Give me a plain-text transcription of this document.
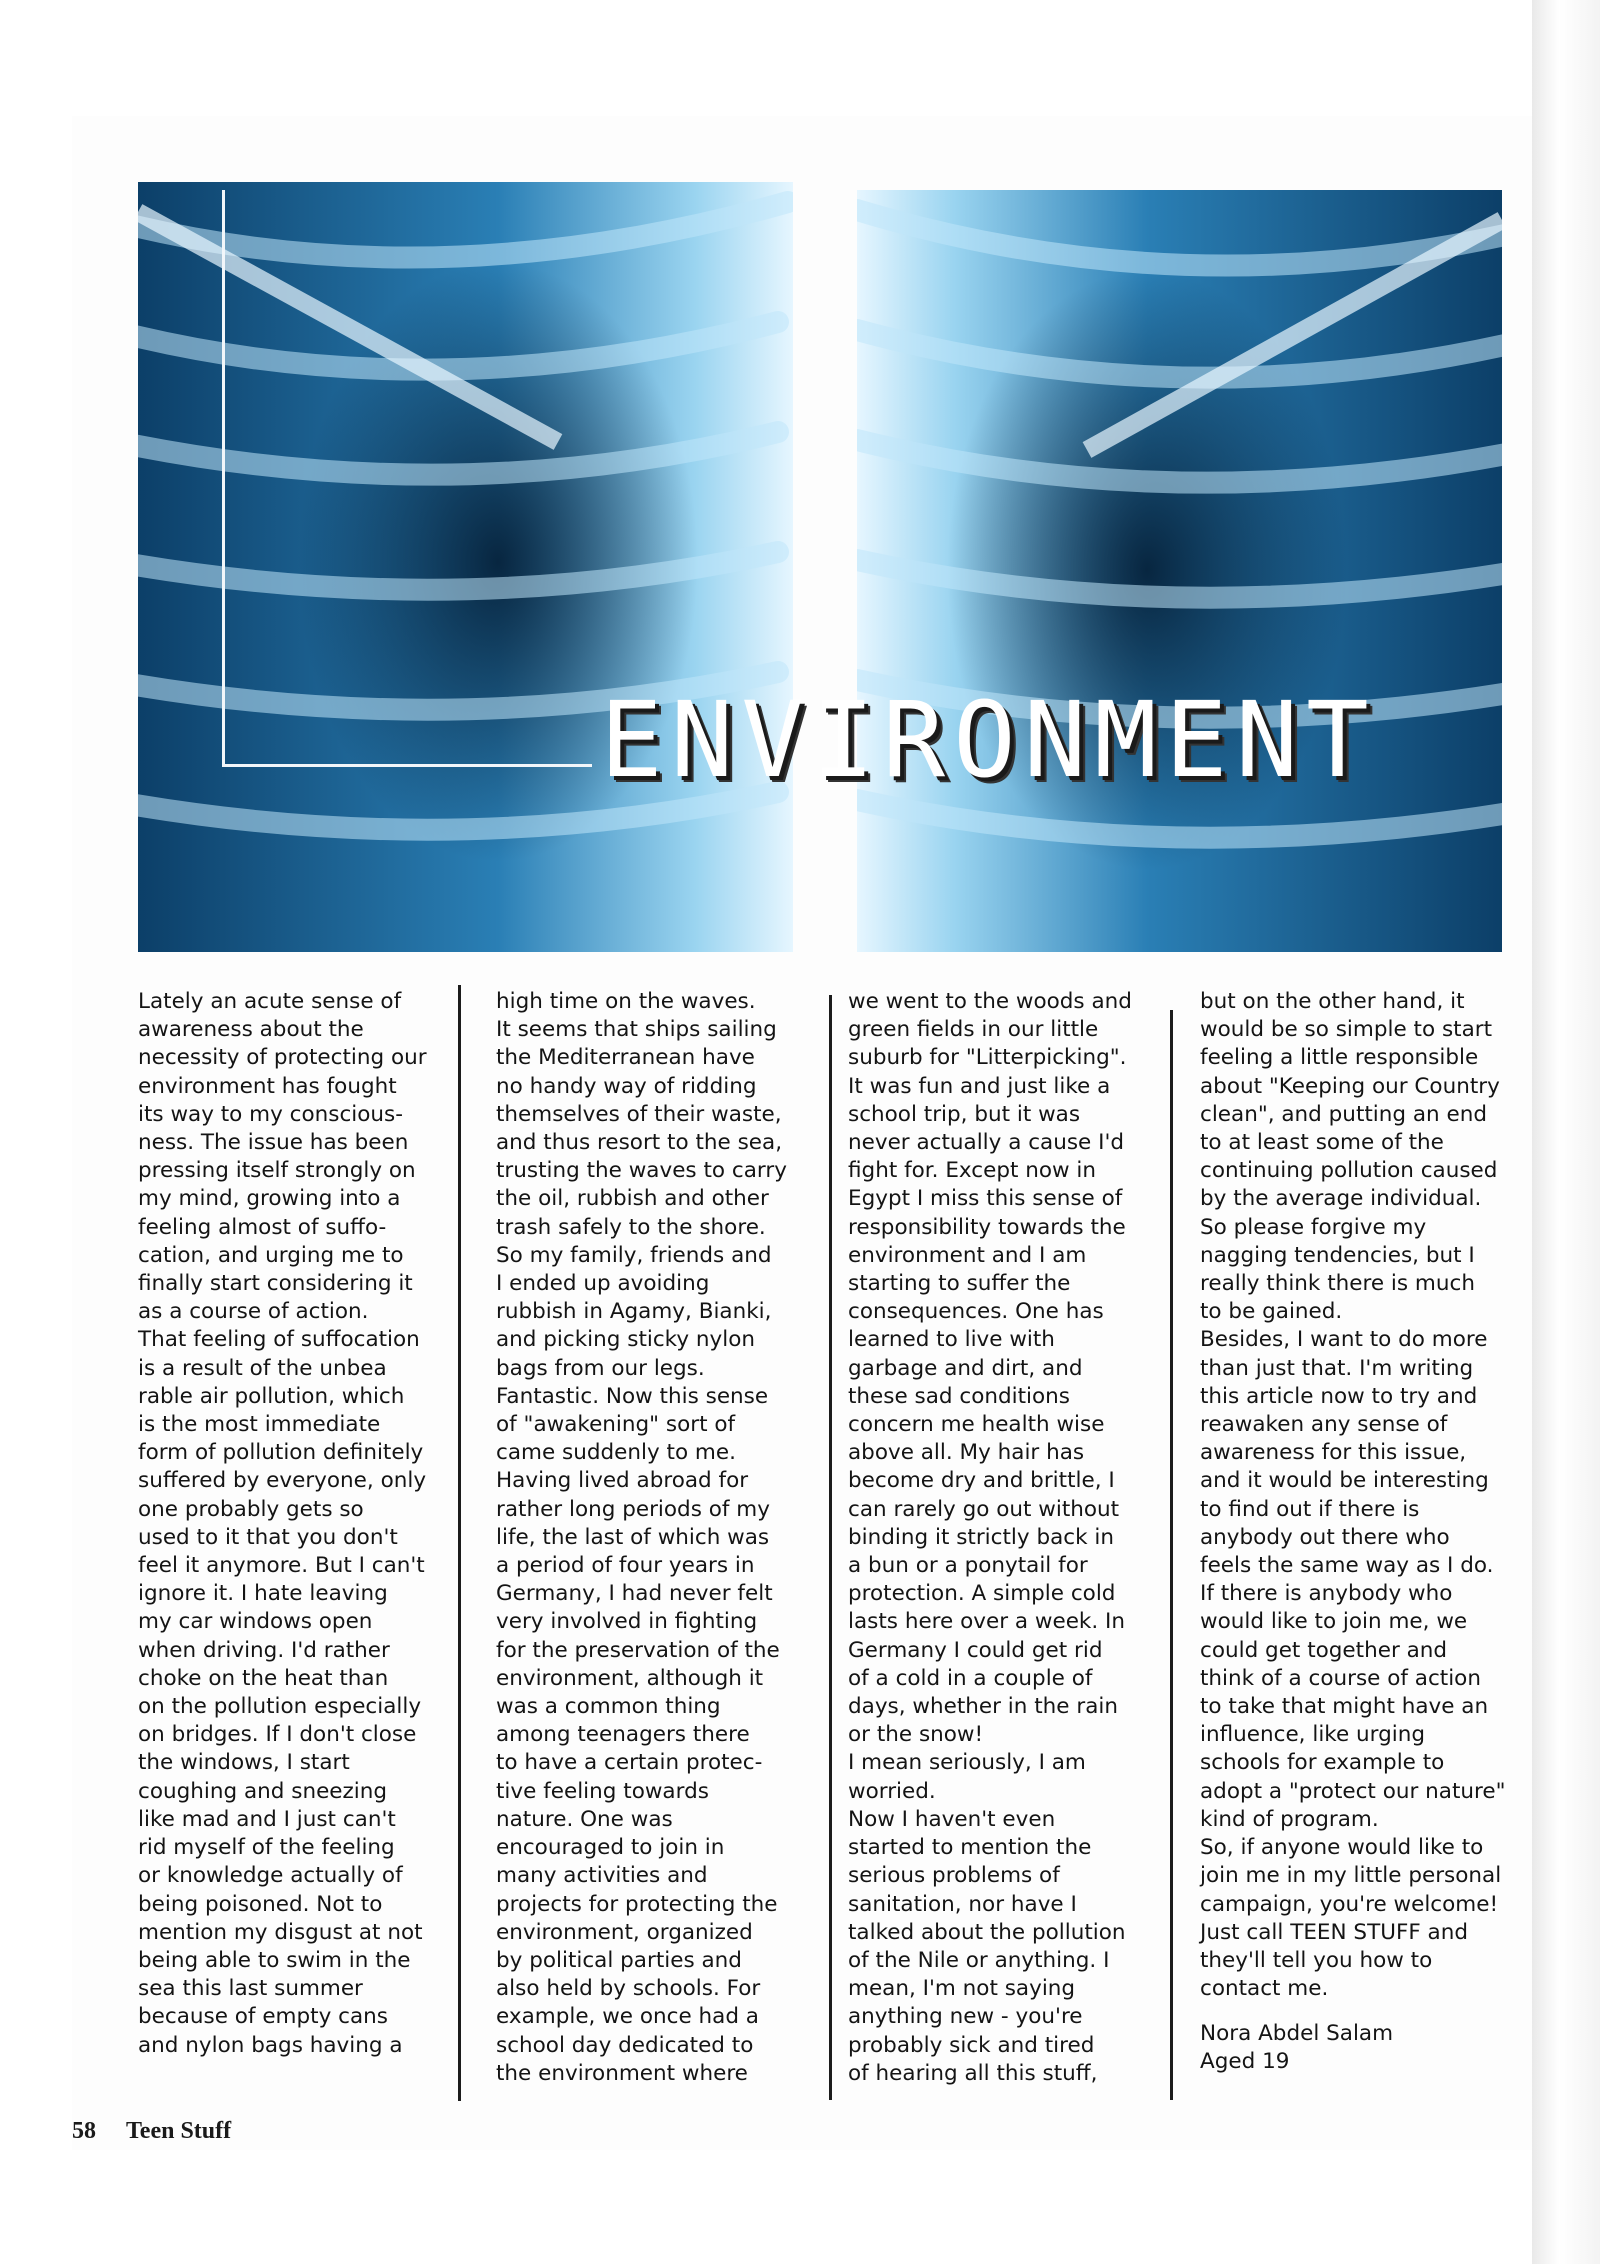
ENVIRONMENT
Lately an acute sense of
awareness about the
necessity of protecting our
environment has fought
its way to my conscious-
ness. The issue has been
pressing itself strongly on
my mind, growing into a
feeling almost of suffo-
cation, and urging me to
finally start considering it
as a course of action.
That feeling of suffocation
is a result of the unbea
rable air pollution, which
is the most immediate
form of pollution definitely
suffered by everyone, only
one probably gets so
used to it that you don't
feel it anymore. But I can't
ignore it. I hate leaving
my car windows open
when driving. I'd rather
choke on the heat than
on the pollution especially
on bridges. If I don't close
the windows, I start
coughing and sneezing
like mad and I just can't
rid myself of the feeling
or knowledge actually of
being poisoned. Not to
mention my disgust at not
being able to swim in the
sea this last summer
because of empty cans
and nylon bags having a
high time on the waves.
It seems that ships sailing
the Mediterranean have
no handy way of ridding
themselves of their waste,
and thus resort to the sea,
trusting the waves to carry
the oil, rubbish and other
trash safely to the shore.
So my family, friends and
I ended up avoiding
rubbish in Agamy, Bianki,
and picking sticky nylon
bags from our legs.
Fantastic. Now this sense
of "awakening" sort of
came suddenly to me.
Having lived abroad for
rather long periods of my
life, the last of which was
a period of four years in
Germany, I had never felt
very involved in fighting
for the preservation of the
environment, although it
was a common thing
among teenagers there
to have a certain protec-
tive feeling towards
nature. One was
encouraged to join in
many activities and
projects for protecting the
environment, organized
by political parties and
also held by schools. For
example, we once had a
school day dedicated to
the environment where
we went to the woods and
green fields in our little
suburb for "Litterpicking".
It was fun and just like a
school trip, but it was
never actually a cause I'd
fight for. Except now in
Egypt I miss this sense of
responsibility towards the
environment and I am
starting to suffer the
consequences. One has
learned to live with
garbage and dirt, and
these sad conditions
concern me health wise
above all. My hair has
become dry and brittle, I
can rarely go out without
binding it strictly back in
a bun or a ponytail for
protection. A simple cold
lasts here over a week. In
Germany I could get rid
of a cold in a couple of
days, whether in the rain
or the snow!
I mean seriously, I am
worried.
Now I haven't even
started to mention the
serious problems of
sanitation, nor have I
talked about the pollution
of the Nile or anything. I
mean, I'm not saying
anything new - you're
probably sick and tired
of hearing all this stuff,
but on the other hand, it
would be so simple to start
feeling a little responsible
about "Keeping our Country
clean", and putting an end
to at least some of the
continuing pollution caused
by the average individual.
So please forgive my
nagging tendencies, but I
really think there is much
to be gained.
Besides, I want to do more
than just that. I'm writing
this article now to try and
reawaken any sense of
awareness for this issue,
and it would be interesting
to find out if there is
anybody out there who
feels the same way as I do.
If there is anybody who
would like to join me, we
could get together and
think of a course of action
to take that might have an
influence, like urging
schools for example to
adopt a "protect our nature"
kind of program.
So, if anyone would like to
join me in my little personal
campaign, you're welcome!
Just call TEEN STUFF and
they'll tell you how to
contact me.
Nora Abdel Salam
Aged 19
58 Teen Stuff
